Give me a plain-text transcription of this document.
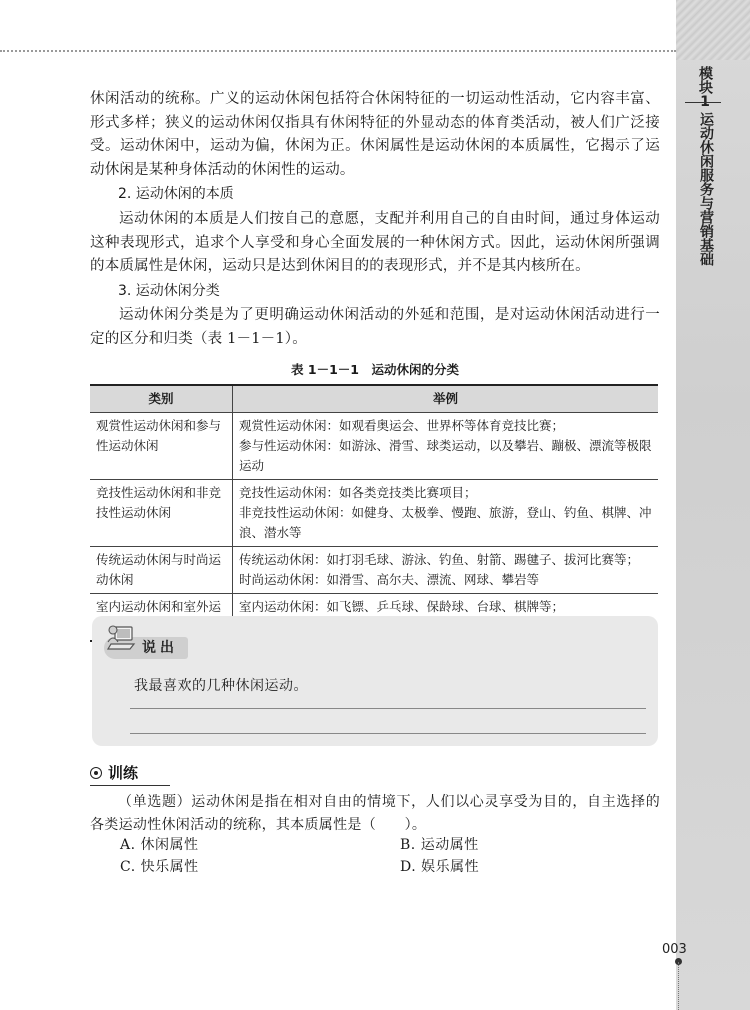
模块1
运动休闲服务与营销基础

休闲活动的统称。广义的运动休闲包括符合休闲特征的一切运动性活动，它内容丰富、形式多样；狭义的运动休闲仅指具有休闲特征的外显动态的体育类活动，被人们广泛接受。运动休闲中，运动为偏，休闲为正。休闲属性是运动休闲的本质属性，它揭示了运动休闲是某种身体活动的休闲性的运动。

2. 运动休闲的本质

运动休闲的本质是人们按自己的意愿，支配并利用自己的自由时间，通过身体运动这种表现形式，追求个人享受和身心全面发展的一种休闲方式。因此，运动休闲所强调的本质属性是休闲，运动只是达到休闲目的的表现形式，并不是其内核所在。

3. 运动休闲分类

运动休闲分类是为了更明确运动休闲活动的外延和范围，是对运动休闲活动进行一定的区分和归类（表 1－1－1）。

表 1－1－1　运动休闲的分类
类别	举例
观赏性运动休闲和参与性运动休闲	观赏性运动休闲：如观看奥运会、世界杯等体育竞技比赛；
参与性运动休闲：如游泳、滑雪、球类运动，以及攀岩、蹦极、漂流等极限运动

竞技性运动休闲和非竞技性运动休闲	竞技性运动休闲：如各类竞技类比赛项目；
非竞技性运动休闲：如健身、太极拳、慢跑、旅游，登山、钓鱼、棋牌、冲浪、潜水等

传统运动休闲与时尚运动休闲	传统运动休闲：如打羽毛球、游泳、钓鱼、射箭、踢毽子、拔河比赛等；
时尚运动休闲：如滑雪、高尔夫、漂流、网球、攀岩等

室内运动休闲和室外运	室内运动休闲：如飞镖、乒乓球、保龄球、台球、棋牌等；
说出
我最喜欢的几种休闲运动。
训练
（单选题）运动休闲是指在相对自由的情境下，人们以心灵享受为目的，自主选择的各类运动性休闲活动的统称，其本质属性是（　　）。
A. 休闲属性	B. 运动属性
C. 快乐属性	D. 娱乐属性
003
